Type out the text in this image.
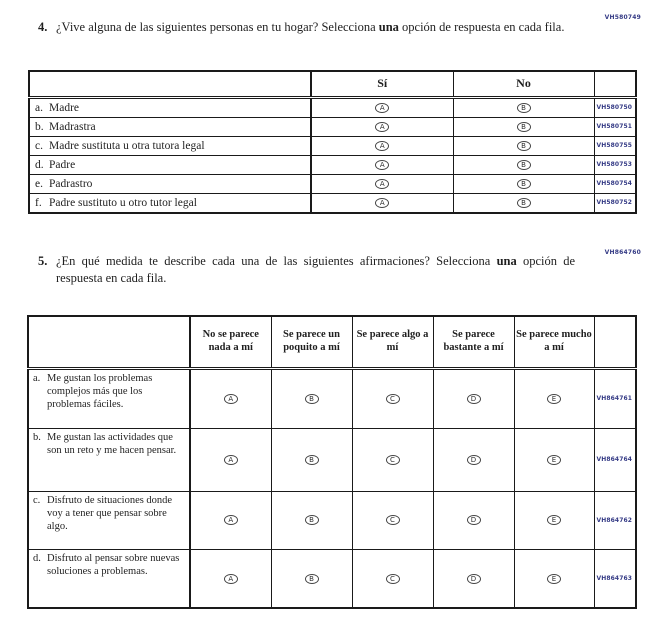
VH580749
4. ¿Vive alguna de las siguientes personas en tu hogar? Selecciona una opción de respuesta en cada fila.
	Sí	No	

a. Madre	A	B	VH580750

b. Madrastra	A	B	VH580751

c. Madre sustituta u otra tutora legal	A	B	VH580755

d. Padre	A	B	VH580753

e. Padrastro	A	B	VH580754

f. Padre sustituto u otro tutor legal	A	B	VH580752
VH864760
5. ¿En qué medida te describe cada una de las siguientes afirmaciones? Selecciona una opción de respuesta en cada fila.
	No se parece nada a mí	Se parece un poquito a mí	Se parece algo a mí	Se parece bastante a mí	Se parece mucho a mí	

a. Me gustan los problemas complejos más que los problemas fáciles.	A	B	C	D	E	VH864761

b. Me gustan las actividades que son un reto y me hacen pensar.	A	B	C	D	E	VH864764

c. Disfruto de situaciones donde voy a tener que pensar sobre algo.	A	B	C	D	E	VH864762

d. Disfruto al pensar sobre nuevas soluciones a problemas.	A	B	C	D	E	VH864763
